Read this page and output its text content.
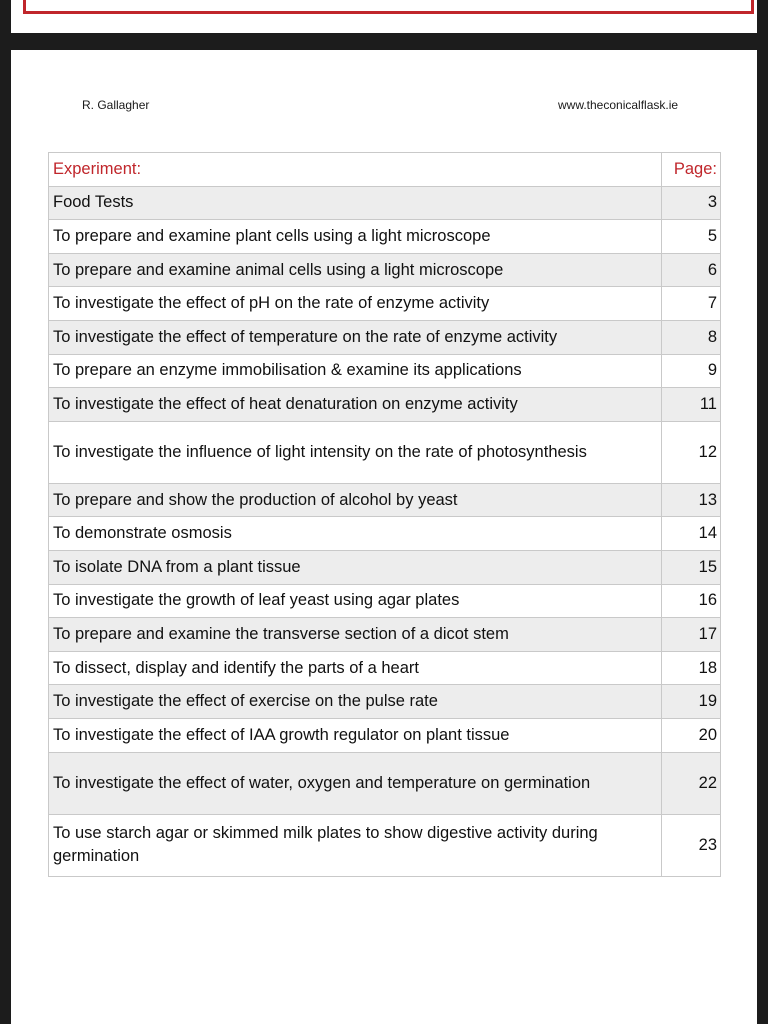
R. Gallagher	www.theconicalflask.ie
Experiment:	Page:
Food Tests	3
To prepare and examine plant cells using a light microscope	5
To prepare and examine animal cells using a light microscope	6
To investigate the effect of pH on the rate of enzyme activity	7
To investigate the effect of temperature on the rate of enzyme activity	8
To prepare an enzyme immobilisation & examine its applications	9
To investigate the effect of heat denaturation on enzyme activity	11
To investigate the influence of light intensity on the rate of photosynthesis	12
To prepare and show the production of alcohol by yeast	13
To demonstrate osmosis	14
To isolate DNA from a plant tissue	15
To investigate the growth of leaf yeast using agar plates	16
To prepare and examine the transverse section of a dicot stem	17
To dissect, display and identify the parts of a heart	18
To investigate the effect of exercise on the pulse rate	19
To investigate the effect of IAA growth regulator on plant tissue	20
To investigate the effect of water, oxygen and temperature on germination	22
To use starch agar or skimmed milk plates to show digestive activity during germination	23
